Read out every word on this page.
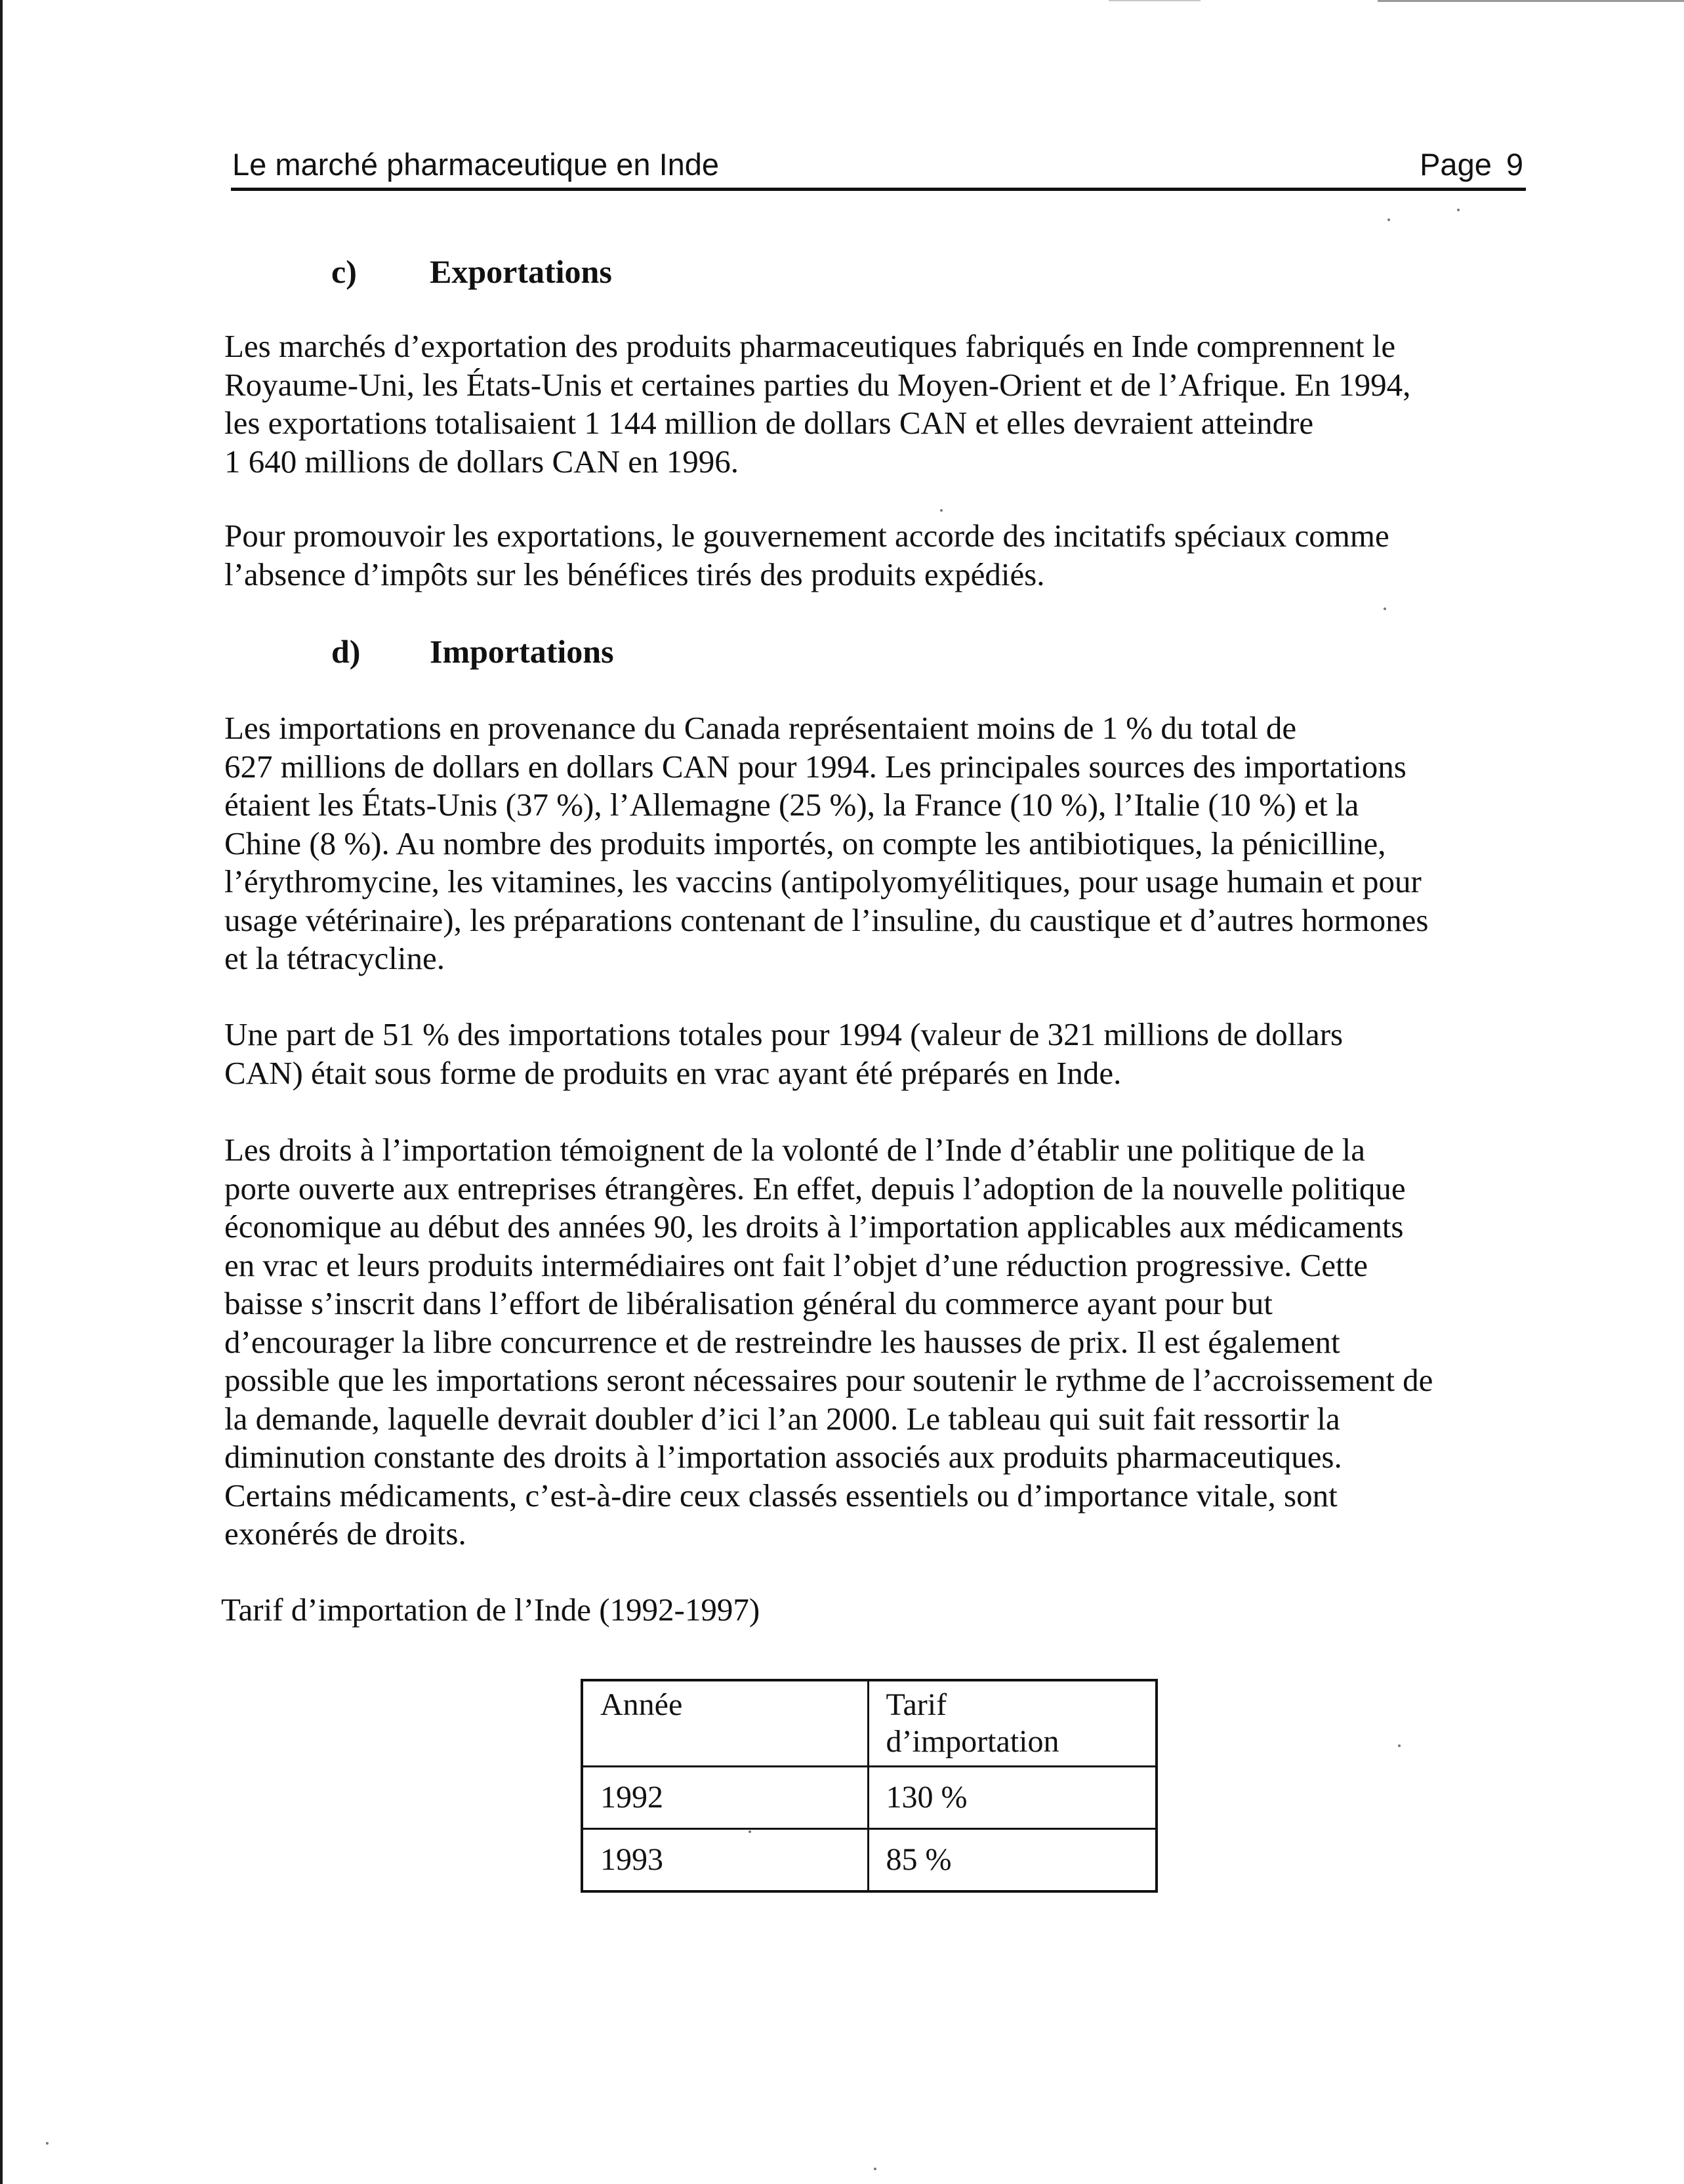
Le marché pharmaceutique en Inde	Page 9
c) Exportations
Les marchés d’exportation des produits pharmaceutiques fabriqués en Inde comprennent le
Royaume-Uni, les États-Unis et certaines parties du Moyen-Orient et de l’Afrique. En 1994,
les exportations totalisaient 1 144 million de dollars CAN et elles devraient atteindre
1 640 millions de dollars CAN en 1996.
Pour promouvoir les exportations, le gouvernement accorde des incitatifs spéciaux comme
l’absence d’impôts sur les bénéfices tirés des produits expédiés.
d) Importations
Les importations en provenance du Canada représentaient moins de 1 % du total de
627 millions de dollars en dollars CAN pour 1994. Les principales sources des importations
étaient les États-Unis (37 %), l’Allemagne (25 %), la France (10 %), l’Italie (10 %) et la
Chine (8 %). Au nombre des produits importés, on compte les antibiotiques, la pénicilline,
l’érythromycine, les vitamines, les vaccins (antipolyomyélitiques, pour usage humain et pour
usage vétérinaire), les préparations contenant de l’insuline, du caustique et d’autres hormones
et la tétracycline.
Une part de 51 % des importations totales pour 1994 (valeur de 321 millions de dollars
CAN) était sous forme de produits en vrac ayant été préparés en Inde.
Les droits à l’importation témoignent de la volonté de l’Inde d’établir une politique de la
porte ouverte aux entreprises étrangères. En effet, depuis l’adoption de la nouvelle politique
économique au début des années 90, les droits à l’importation applicables aux médicaments
en vrac et leurs produits intermédiaires ont fait l’objet d’une réduction progressive. Cette
baisse s’inscrit dans l’effort de libéralisation général du commerce ayant pour but
d’encourager la libre concurrence et de restreindre les hausses de prix. Il est également
possible que les importations seront nécessaires pour soutenir le rythme de l’accroissement de
la demande, laquelle devrait doubler d’ici l’an 2000. Le tableau qui suit fait ressortir la
diminution constante des droits à l’importation associés aux produits pharmaceutiques.
Certains médicaments, c’est-à-dire ceux classés essentiels ou d’importance vitale, sont
exonérés de droits.
Tarif d’importation de l’Inde (1992-1997)
Année	Tarif
d’importation
1992	130 %
1993	85 %
